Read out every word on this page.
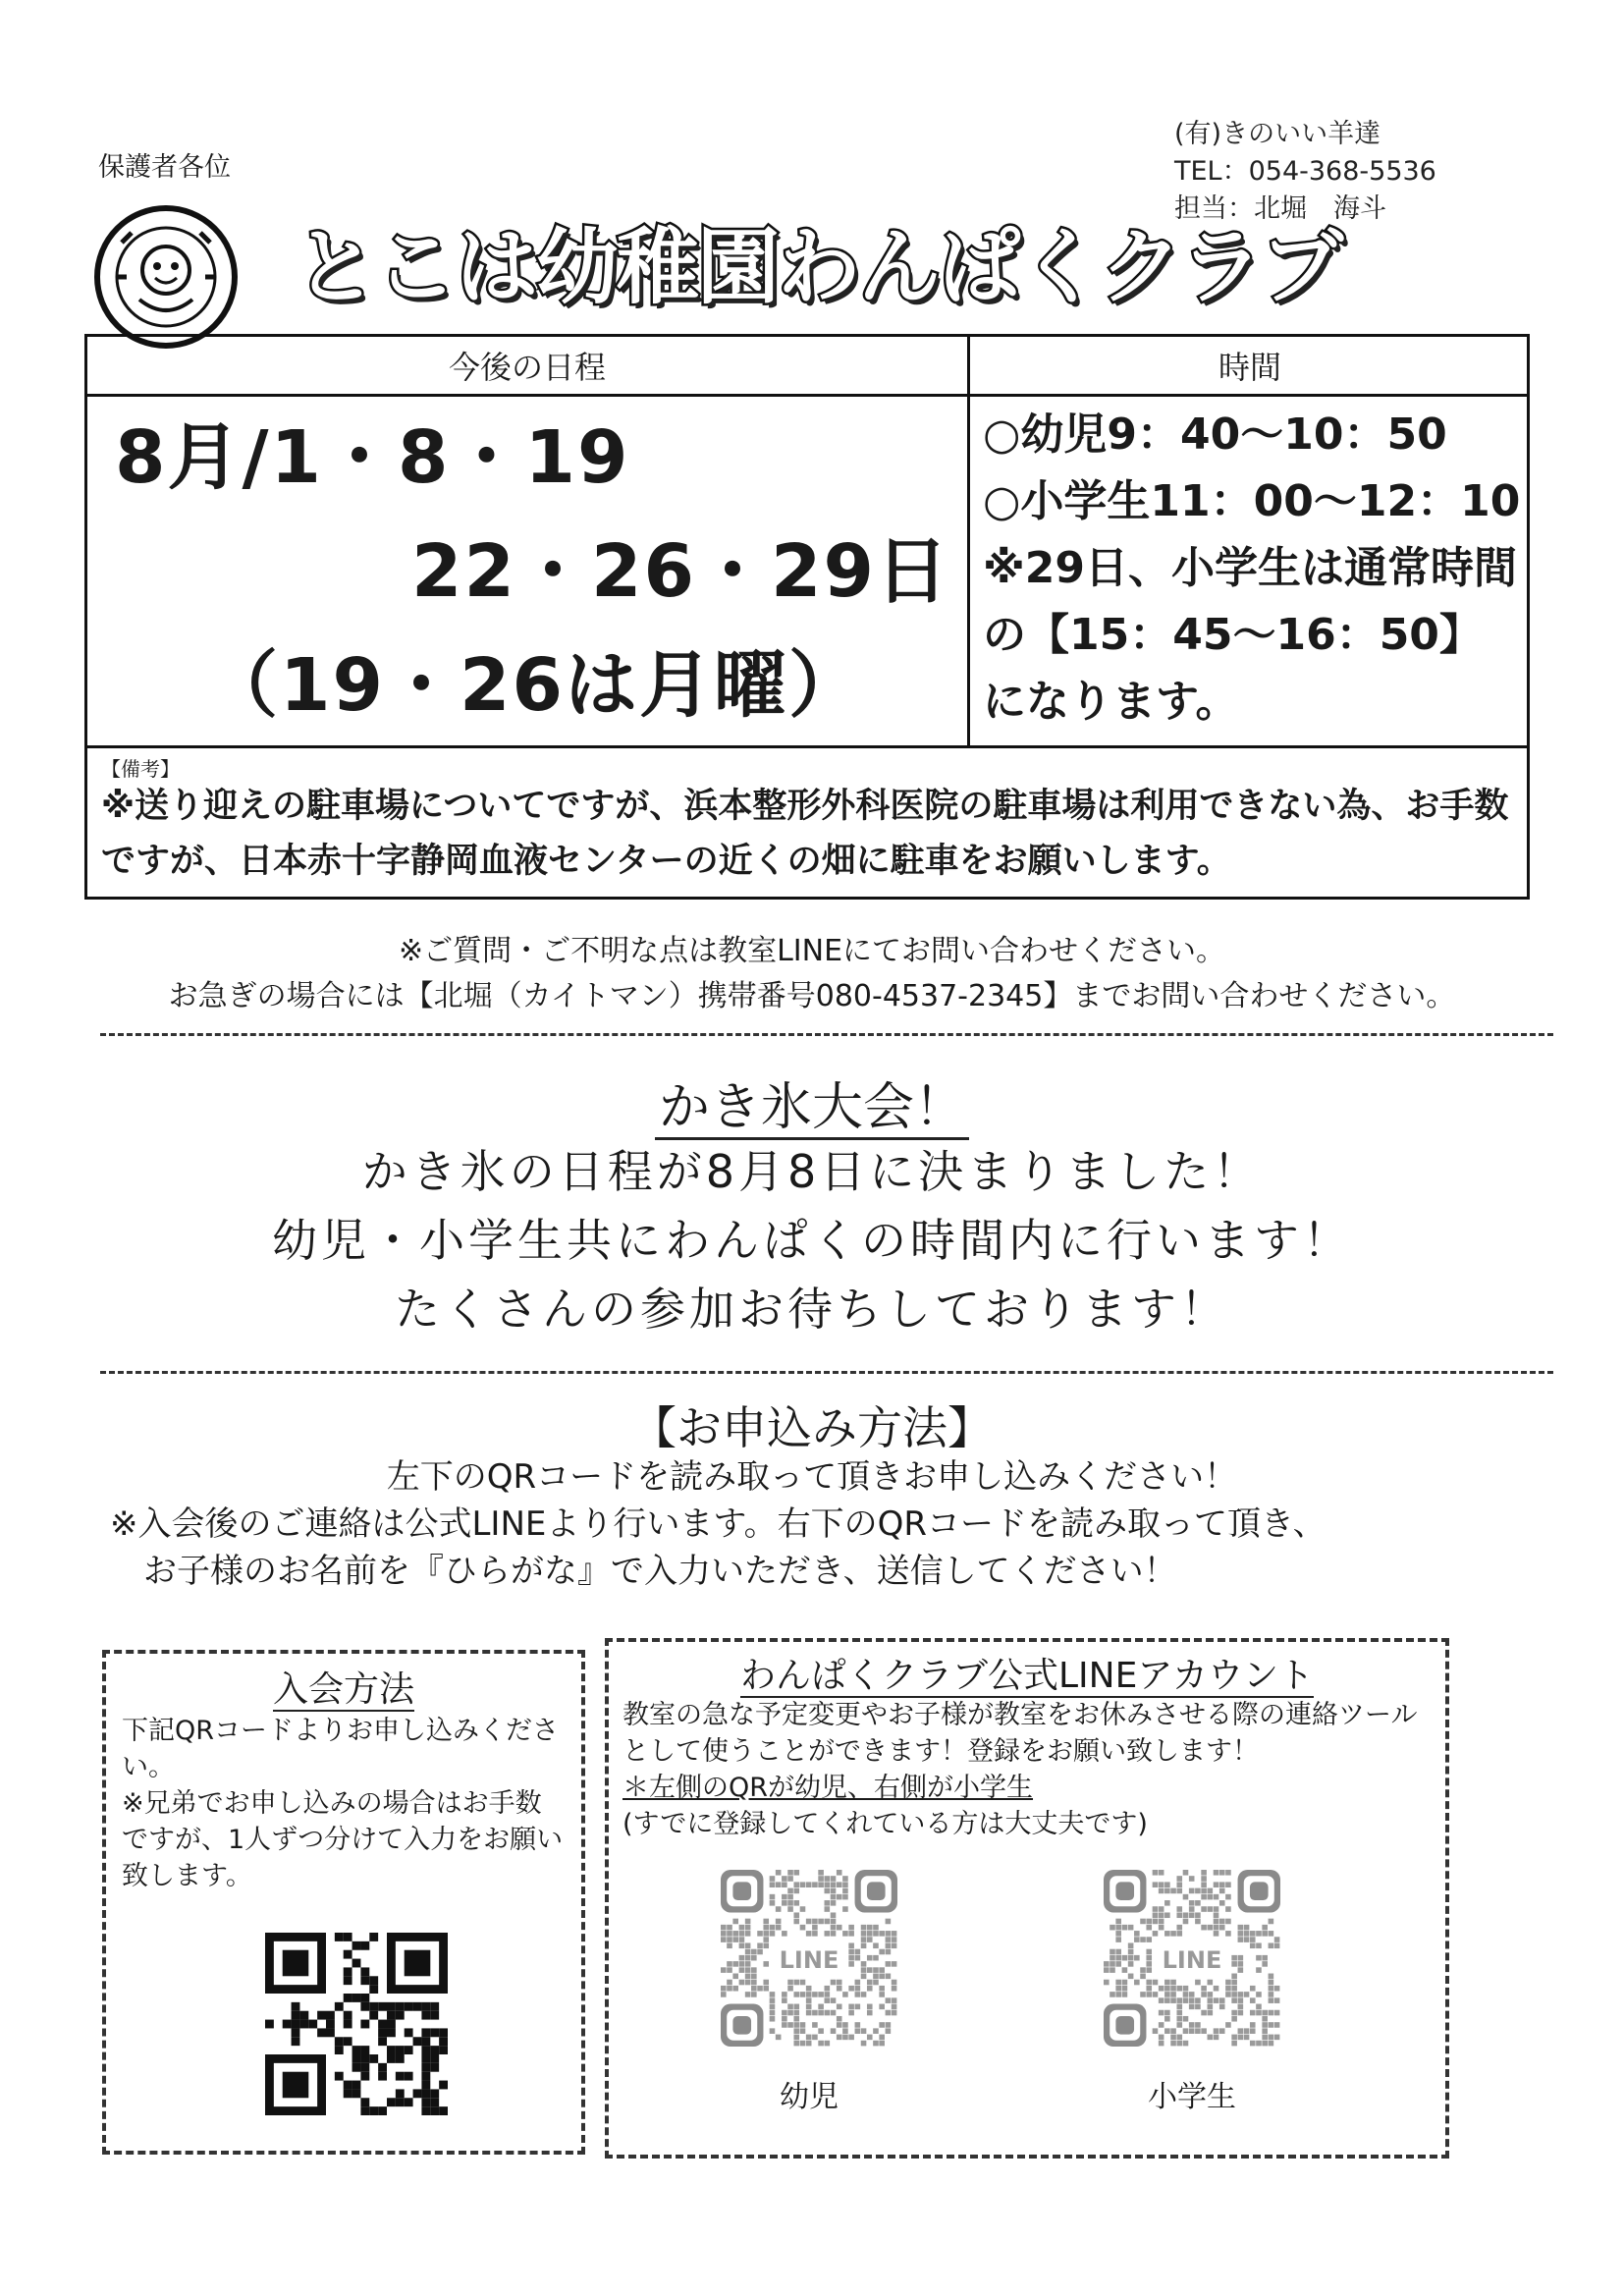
保護者各位
(有)きのいい羊達
TEL：054-368-5536
担当：北堀　海斗
とこは幼稚園わんぱくクラブ
今後の日程	時間
8月/1・8・19
22・26・29日
（19・26は月曜）
○幼児9：40～10：50
○小学生11：00～12：10
※29日、小学生は通常時間の【15：45～16：50】になります。
【備考】
※送り迎えの駐車場についてですが、浜本整形外科医院の駐車場は利用できない為、お手数ですが、日本赤十字静岡血液センターの近くの畑に駐車をお願いします。
※ご質問・ご不明な点は教室LINEにてお問い合わせください。
お急ぎの場合には【北堀（カイトマン）携帯番号080-4537-2345】までお問い合わせください。
かき氷大会！
かき氷の日程が8月8日に決まりました！
幼児・小学生共にわんぱくの時間内に行います！
たくさんの参加お待ちしております！
【お申込み方法】
左下のQRコードを読み取って頂きお申し込みください！
※入会後のご連絡は公式LINEより行います。右下のQRコードを読み取って頂き、
お子様のお名前を『ひらがな』で入力いただき、送信してください！
入会方法
下記QRコードよりお申し込みください。
※兄弟でお申し込みの場合はお手数ですが、1人ずつ分けて入力をお願い致します。
わんぱくクラブ公式LINEアカウント
教室の急な予定変更やお子様が教室をお休みさせる際の連絡ツールとして使うことができます！登録をお願い致します！
＊左側のQRが幼児、右側が小学生
(すでに登録してくれている方は大丈夫です)
LINE
幼児
LINE
小学生
